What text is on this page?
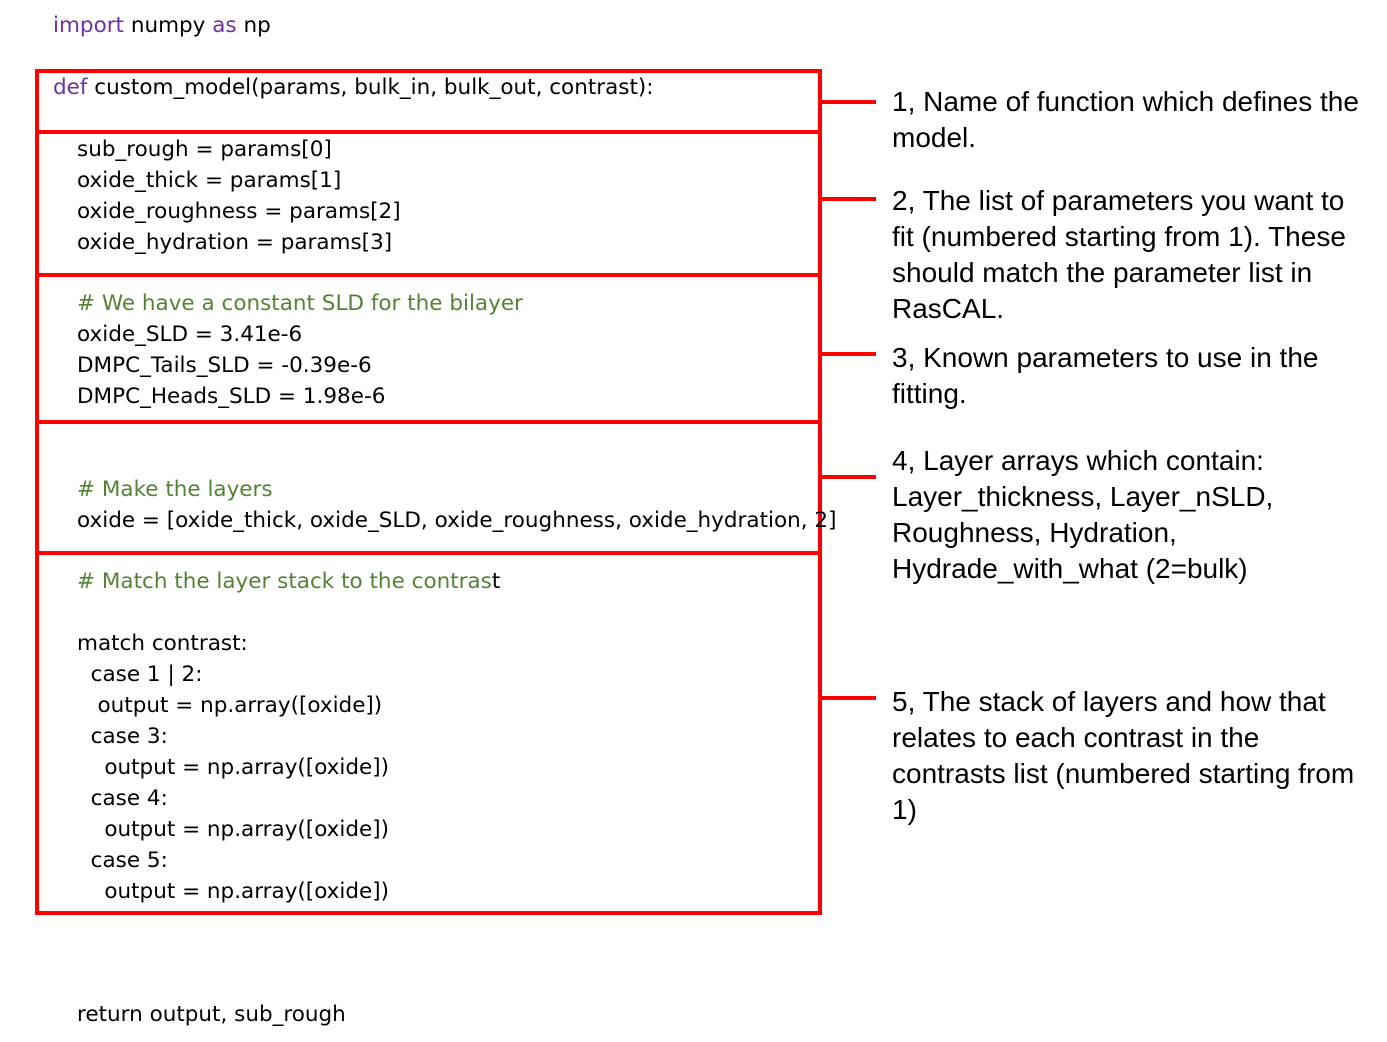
import numpy as np
def custom_model(params, bulk_in, bulk_out, contrast):
sub_rough = params[0]
oxide_thick = params[1]
oxide_roughness = params[2]
oxide_hydration = params[3]
# We have a constant SLD for the bilayer
oxide_SLD = 3.41e-6
DMPC_Tails_SLD = -0.39e-6
DMPC_Heads_SLD = 1.98e-6
# Make the layers
oxide = [oxide_thick, oxide_SLD, oxide_roughness, oxide_hydration, 2]
# Match the layer stack to the contrast
match contrast:
case 1 | 2:
output = np.array([oxide])
case 3:
output = np.array([oxide])
case 4:
output = np.array([oxide])
case 5:
output = np.array([oxide])
return output, sub_rough
1, Name of function which defines the model.
2, The list of parameters you want to fit (numbered starting from 1). These should match the parameter list in RasCAL.
3, Known parameters to use in the fitting.
4, Layer arrays which contain: Layer_thickness, Layer_nSLD, Roughness, Hydration, Hydrade_with_what (2=bulk)
5, The stack of layers and how that relates to each contrast in the contrasts list (numbered starting from 1)
